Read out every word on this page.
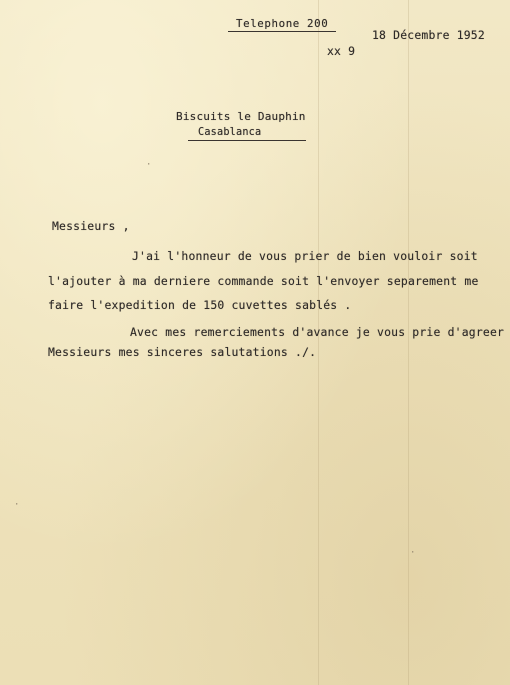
Telephone 200
18 Décembre 1952
xx 9
Biscuits le Dauphin
Casablanca
·
Messieurs ,
J'ai l'honneur de vous prier de bien vouloir soit
l'ajouter à ma derniere commande soit l'envoyer separement me
faire l'expedition de 150 cuvettes sablés .
Avec mes remerciements d'avance je vous prie d'agreer
Messieurs mes sinceres salutations ./.
·
·
